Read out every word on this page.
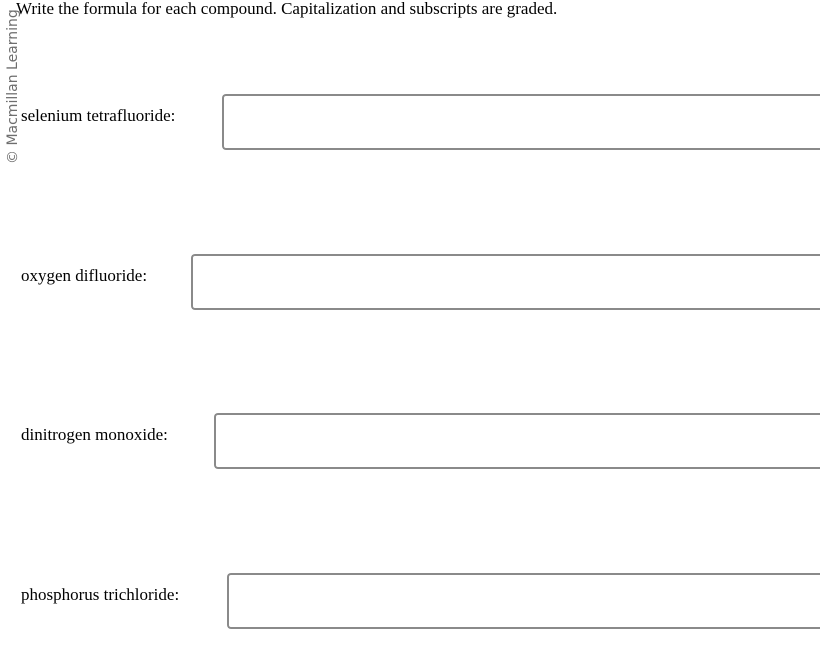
© Macmillan Learning
Write the formula for each compound. Capitalization and subscripts are graded.
selenium tetrafluoride:
oxygen difluoride:
dinitrogen monoxide:
phosphorus trichloride:
